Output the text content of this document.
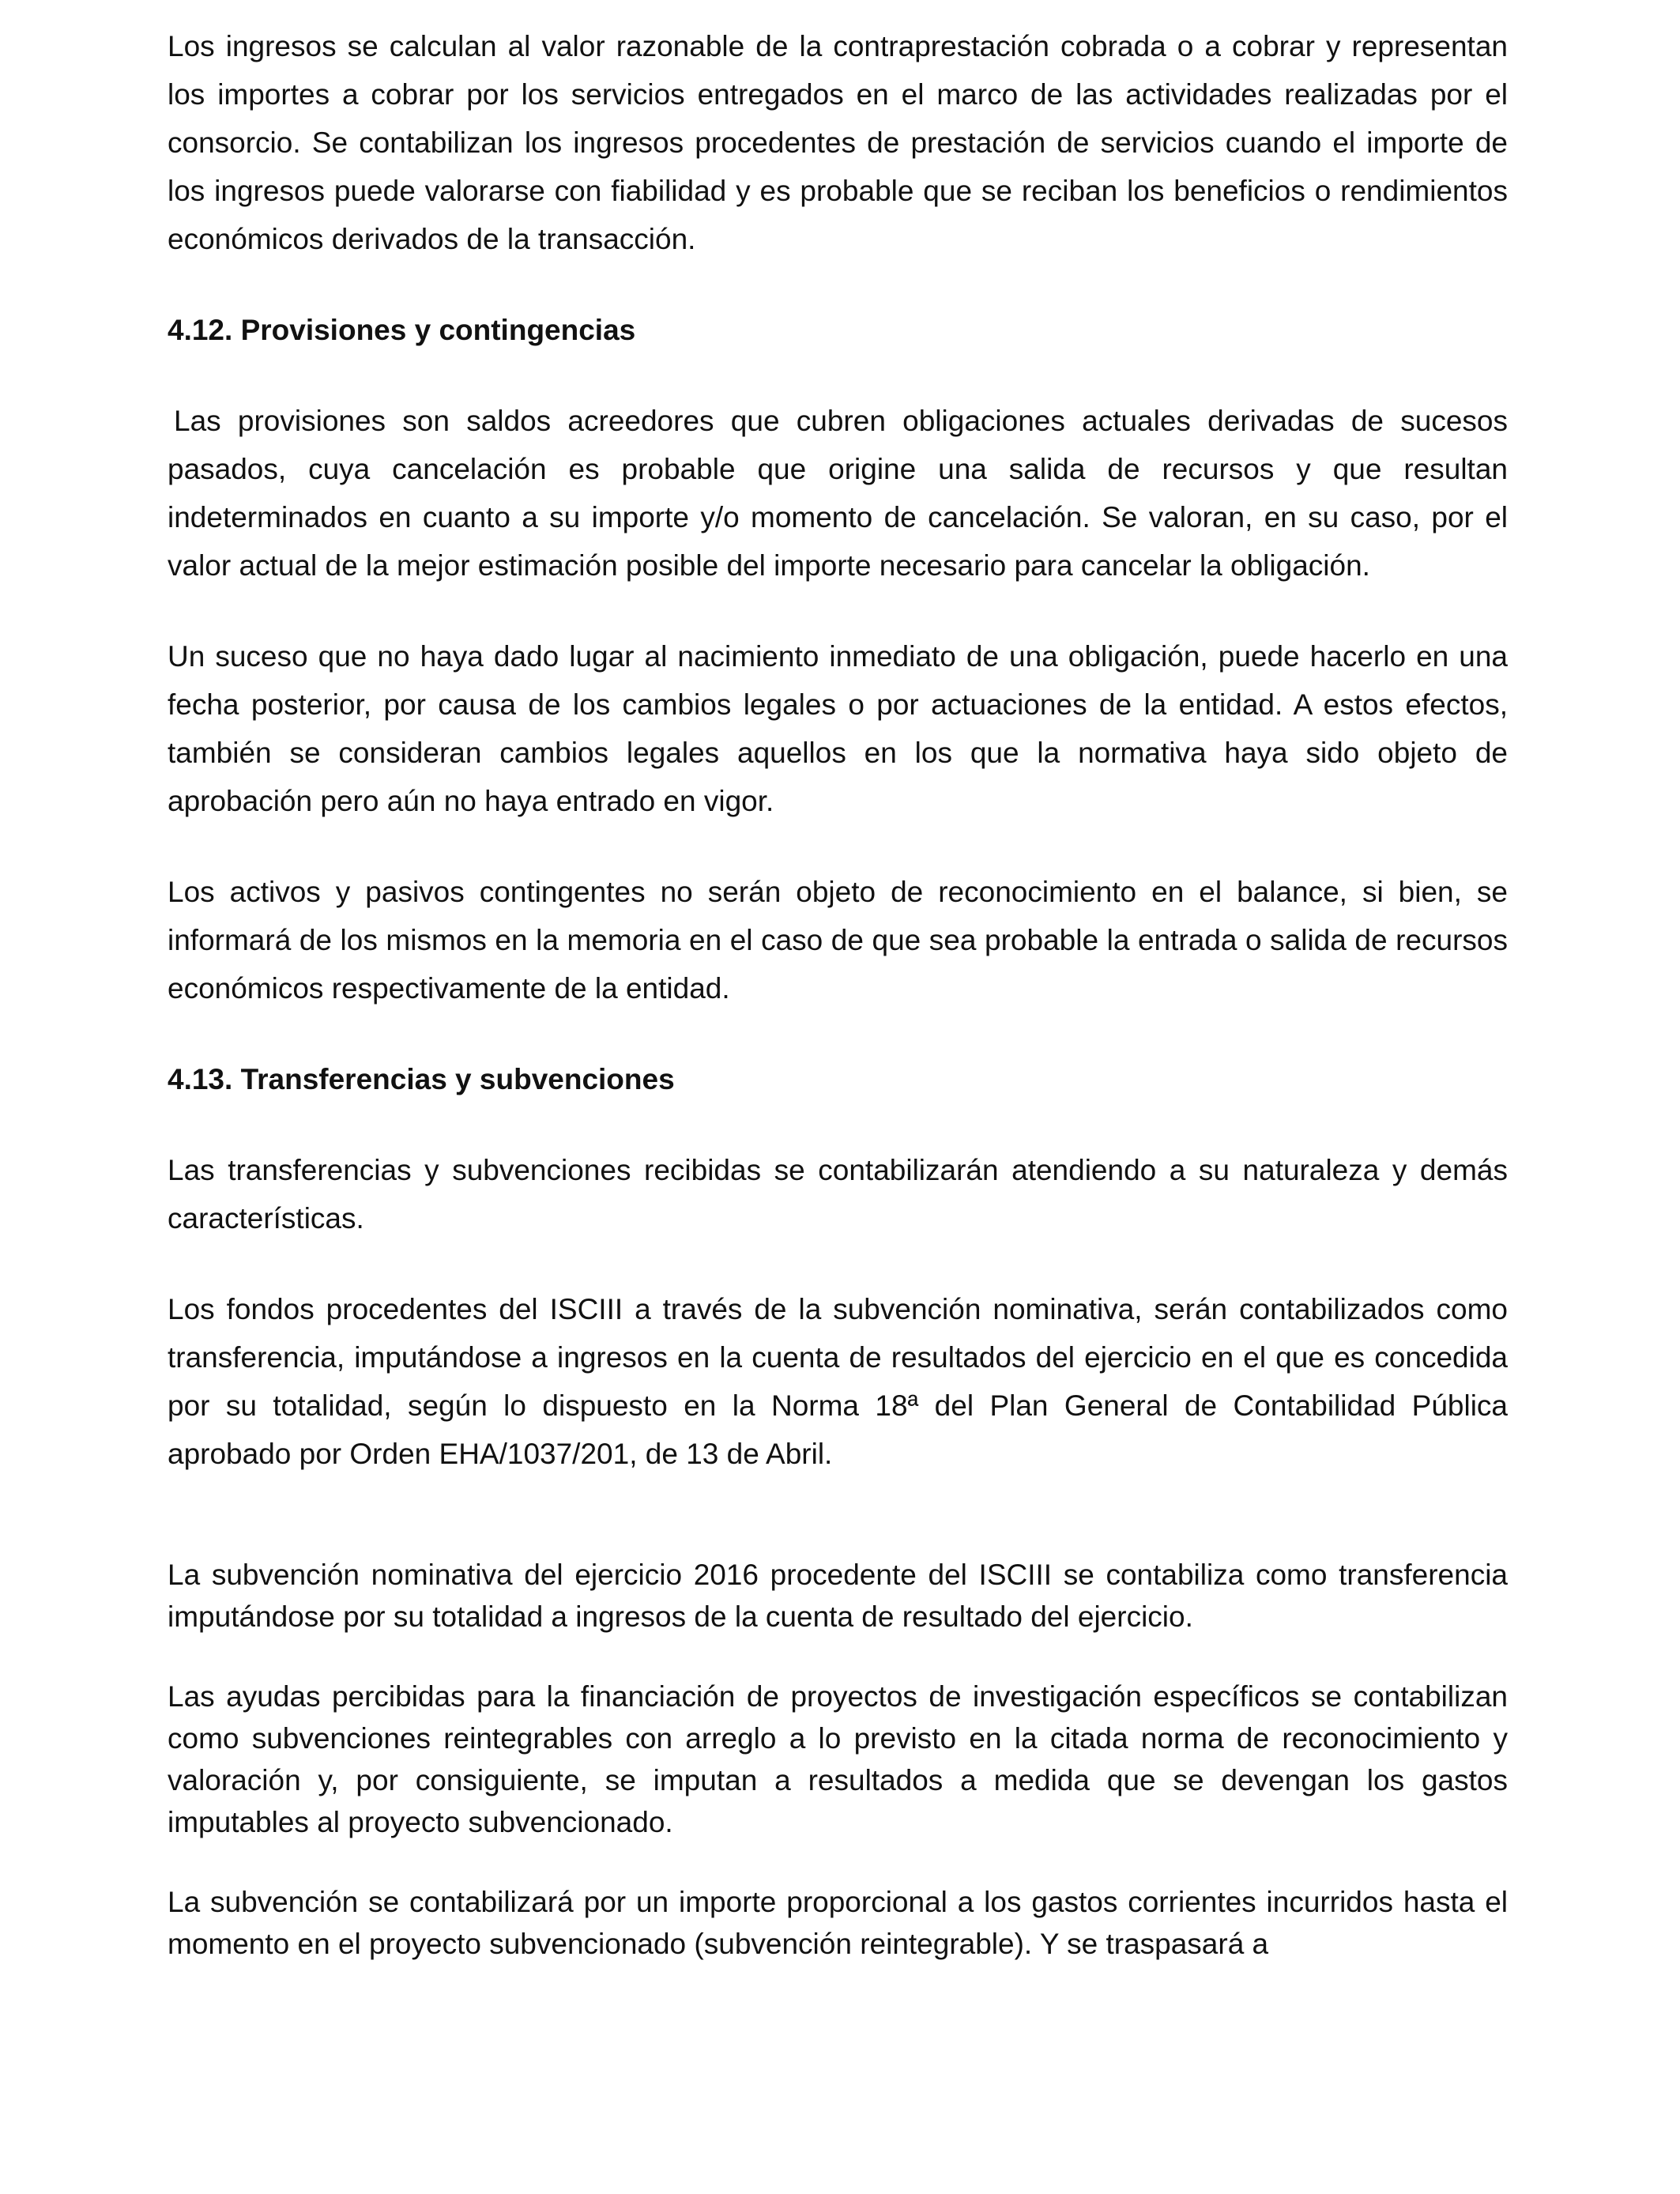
Los ingresos se calculan al valor razonable de la contraprestación cobrada o a cobrar y representan los importes a cobrar por los servicios entregados en el marco de las actividades realizadas por el consorcio. Se contabilizan los ingresos procedentes de prestación de servicios cuando el importe de los ingresos puede valorarse con fiabilidad y es probable que se reciban los beneficios o rendimientos económicos derivados de la transacción.

4.12. Provisiones y contingencias

Las provisiones son saldos acreedores que cubren obligaciones actuales derivadas de sucesos pasados, cuya cancelación es probable que origine una salida de recursos y que resultan indeterminados en cuanto a su importe y/o momento de cancelación. Se valoran, en su caso, por el valor actual de la mejor estimación posible del importe necesario para cancelar la obligación.

Un suceso que no haya dado lugar al nacimiento inmediato de una obligación, puede hacerlo en una fecha posterior, por causa de los cambios legales o por actuaciones de la entidad. A estos efectos, también se consideran cambios legales aquellos en los que la normativa haya sido objeto de aprobación pero aún no haya entrado en vigor.

Los activos y pasivos contingentes no serán objeto de reconocimiento en el balance, si bien, se informará de los mismos en la memoria en el caso de que sea probable la entrada o salida de recursos económicos respectivamente de la entidad.

4.13. Transferencias y subvenciones

Las transferencias y subvenciones recibidas se contabilizarán atendiendo a su naturaleza y demás características.

Los fondos procedentes del ISCIII a través de la subvención nominativa, serán contabilizados como transferencia, imputándose a ingresos en la cuenta de resultados del ejercicio en el que es concedida por su totalidad, según lo dispuesto en la Norma 18ª del Plan General de Contabilidad Pública aprobado por Orden EHA/1037/201, de 13 de Abril.

La subvención nominativa del ejercicio 2016 procedente del ISCIII se contabiliza como transferencia imputándose por su totalidad a ingresos de la cuenta de resultado del ejercicio.

Las ayudas percibidas para la financiación de proyectos de investigación específicos se contabilizan como subvenciones reintegrables con arreglo a lo previsto en la citada norma de reconocimiento y valoración y, por consiguiente, se imputan a resultados a medida que se devengan los gastos imputables al proyecto subvencionado.

La subvención se contabilizará por un importe proporcional a los gastos corrientes incurridos hasta el momento en el proyecto subvencionado (subvención reintegrable). Y se traspasará a
